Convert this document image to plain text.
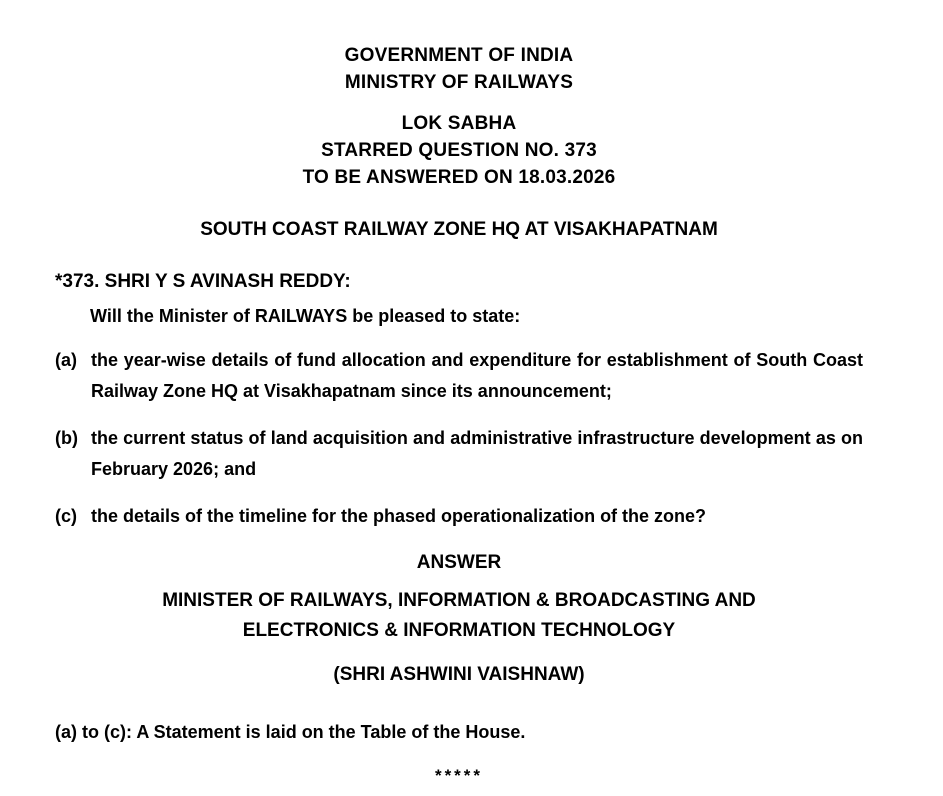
GOVERNMENT OF INDIA
MINISTRY OF RAILWAYS
LOK SABHA
STARRED QUESTION NO. 373
TO BE ANSWERED ON 18.03.2026
SOUTH COAST RAILWAY ZONE HQ AT VISAKHAPATNAM
*373. SHRI Y S AVINASH REDDY:
Will the Minister of RAILWAYS be pleased to state:
(a) the year-wise details of fund allocation and expenditure for establishment of South Coast Railway Zone HQ at Visakhapatnam since its announcement;
(b) the current status of land acquisition and administrative infrastructure development as on February 2026; and
(c) the details of the timeline for the phased operationalization of the zone?
ANSWER
MINISTER OF RAILWAYS, INFORMATION & BROADCASTING AND
ELECTRONICS & INFORMATION TECHNOLOGY
(SHRI ASHWINI VAISHNAW)
(a) to (c): A Statement is laid on the Table of the House.
*****
